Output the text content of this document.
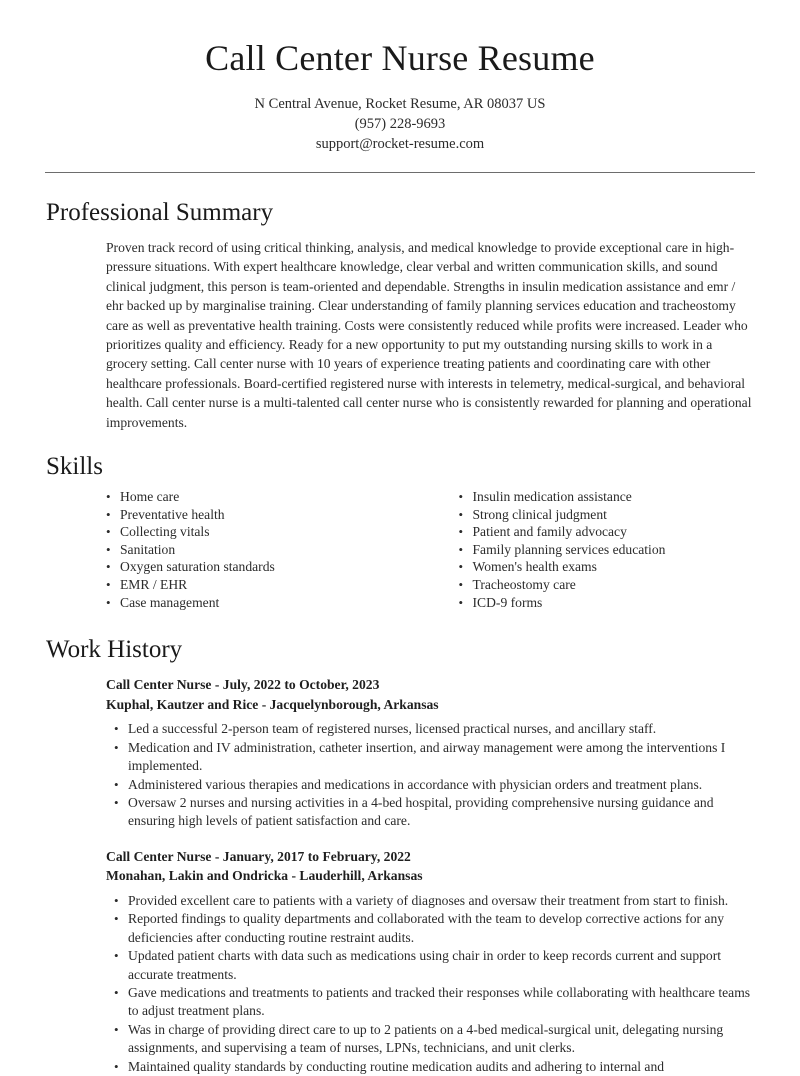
Call Center Nurse Resume

N Central Avenue, Rocket Resume, AR 08037 US

(957) 228-9693

support@rocket-resume.com

Professional Summary

Proven track record of using critical thinking, analysis, and medical knowledge to provide exceptional care in high-pressure situations. With expert healthcare knowledge, clear verbal and written communication skills, and sound clinical judgment, this person is team-oriented and dependable. Strengths in insulin medication assistance and emr / ehr backed up by marginalise training. Clear understanding of family planning services education and tracheostomy care as well as preventative health training. Costs were consistently reduced while profits were increased. Leader who prioritizes quality and efficiency. Ready for a new opportunity to put my outstanding nursing skills to work in a grocery setting. Call center nurse with 10 years of experience treating patients and coordinating care with other healthcare professionals. Board-certified registered nurse with interests in telemetry, medical-surgical, and behavioral health. Call center nurse is a multi-talented call center nurse who is consistently rewarded for planning and operational improvements.

Skills
• Home care
• Preventative health
• Collecting vitals
• Sanitation
• Oxygen saturation standards
• EMR / EHR
• Case management
• Insulin medication assistance
• Strong clinical judgment
• Patient and family advocacy
• Family planning services education
• Women's health exams
• Tracheostomy care
• ICD-9 forms
Work History

Call Center Nurse - July, 2022 to October, 2023

Kuphal, Kautzer and Rice - Jacquelynborough, Arkansas

• Led a successful 2-person team of registered nurses, licensed practical nurses, and ancillary staff.
• Medication and IV administration, catheter insertion, and airway management were among the interventions I implemented.
• Administered various therapies and medications in accordance with physician orders and treatment plans.
• Oversaw 2 nurses and nursing activities in a 4-bed hospital, providing comprehensive nursing guidance and ensuring high levels of patient satisfaction and care.

Call Center Nurse - January, 2017 to February, 2022

Monahan, Lakin and Ondricka - Lauderhill, Arkansas

• Provided excellent care to patients with a variety of diagnoses and oversaw their treatment from start to finish.
• Reported findings to quality departments and collaborated with the team to develop corrective actions for any deficiencies after conducting routine restraint audits.
• Updated patient charts with data such as medications using chair in order to keep records current and support accurate treatments.
• Gave medications and treatments to patients and tracked their responses while collaborating with healthcare teams to adjust treatment plans.
• Was in charge of providing direct care to up to 2 patients on a 4-bed medical-surgical unit, delegating nursing assignments, and supervising a team of nurses, LPNs, technicians, and unit clerks.
• Maintained quality standards by conducting routine medication audits and adhering to internal and
